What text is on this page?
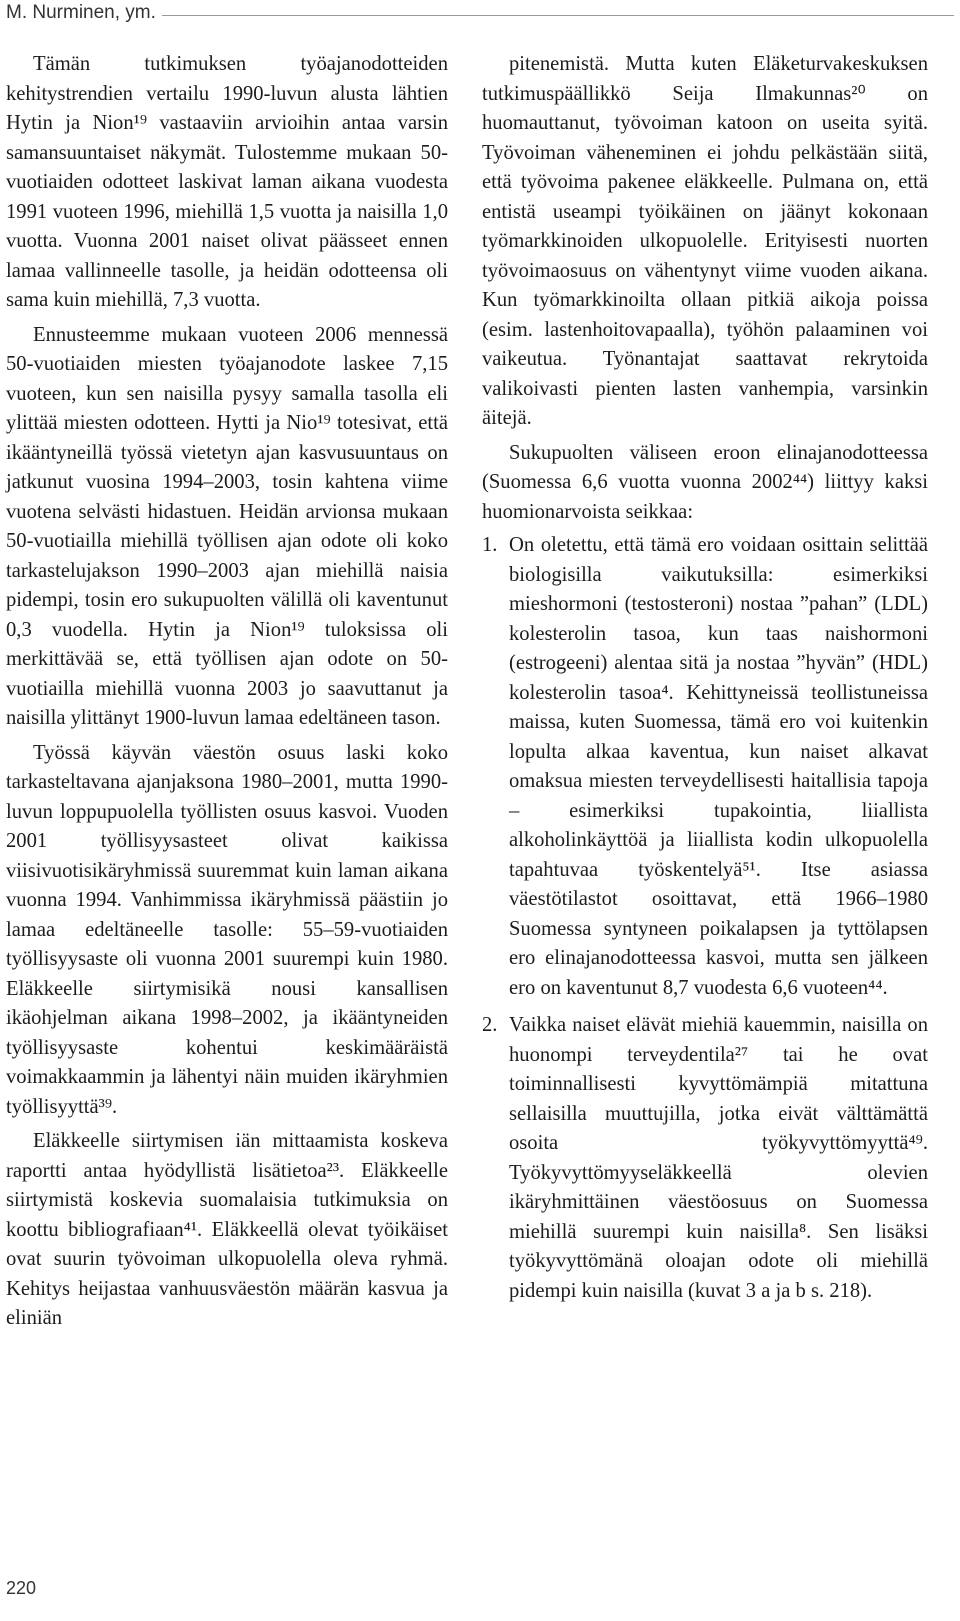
M. Nurminen, ym.

Tämän tutkimuksen työajanodotteiden kehitystrendien vertailu 1990-luvun alusta lähtien Hytin ja Nion¹⁹ vastaaviin arvioihin antaa varsin samansuuntaiset näkymät. Tulostemme mukaan 50-vuotiaiden odotteet laskivat laman aikana vuodesta 1991 vuoteen 1996, miehillä 1,5 vuotta ja naisilla 1,0 vuotta. Vuonna 2001 naiset olivat päässeet ennen lamaa vallinneelle tasolle, ja heidän odotteensa oli sama kuin miehillä, 7,3 vuotta.

Ennusteemme mukaan vuoteen 2006 mennessä 50-vuotiaiden miesten työajanodote laskee 7,15 vuoteen, kun sen naisilla pysyy samalla tasolla eli ylittää miesten odotteen. Hytti ja Nio¹⁹ totesivat, että ikääntyneillä työssä vietetyn ajan kasvusuuntaus on jatkunut vuosina 1994–2003, tosin kahtena viime vuotena selvästi hidastuen. Heidän arvionsa mukaan 50-vuotiailla miehillä työllisen ajan odote oli koko tarkastelujakson 1990–2003 ajan miehillä naisia pidempi, tosin ero sukupuolten välillä oli kaventunut 0,3 vuodella. Hytin ja Nion¹⁹ tuloksissa oli merkittävää se, että työllisen ajan odote on 50-vuotiailla miehillä vuonna 2003 jo saavuttanut ja naisilla ylittänyt 1900-luvun lamaa edeltäneen tason.

Työssä käyvän väestön osuus laski koko tarkasteltavana ajanjaksona 1980–2001, mutta 1990-luvun loppupuolella työllisten osuus kasvoi. Vuoden 2001 työllisyysasteet olivat kaikissa viisivuotisikäryhmissä suuremmat kuin laman aikana vuonna 1994. Vanhimmissa ikäryhmissä päästiin jo lamaa edeltäneelle tasolle: 55–59-vuotiaiden työllisyysaste oli vuonna 2001 suurempi kuin 1980. Eläkkeelle siirtymisikä nousi kansallisen ikäohjelman aikana 1998–2002, ja ikääntyneiden työllisyysaste kohentui keskimääräistä voimakkaammin ja lähentyi näin muiden ikäryhmien työllisyyttä³⁹.

Eläkkeelle siirtymisen iän mittaamista koskeva raportti antaa hyödyllistä lisätietoa²³. Eläkkeelle siirtymistä koskevia suomalaisia tutkimuksia on koottu bibliografiaan⁴¹. Eläkkeellä olevat työikäiset ovat suurin työvoiman ulkopuolella oleva ryhmä. Kehitys heijastaa vanhuusväestön määrän kasvua ja eliniän

pitenemistä. Mutta kuten Eläketurvakeskuksen tutkimuspäällikkö Seija Ilmakunnas²⁰ on huomauttanut, työvoiman katoon on useita syitä. Työvoiman väheneminen ei johdu pelkästään siitä, että työvoima pakenee eläkkeelle. Pulmana on, että entistä useampi työikäinen on jäänyt kokonaan työmarkkinoiden ulkopuolelle. Erityisesti nuorten työvoimaosuus on vähentynyt viime vuoden aikana. Kun työmarkkinoilta ollaan pitkiä aikoja poissa (esim. lastenhoitovapaalla), työhön palaaminen voi vaikeutua. Työnantajat saattavat rekrytoida valikoivasti pienten lasten vanhempia, varsinkin äitejä.

Sukupuolten väliseen eroon elinajanodotteessa (Suomessa 6,6 vuotta vuonna 2002⁴⁴) liittyy kaksi huomionarvoista seikkaa:

1. On oletettu, että tämä ero voidaan osittain selittää biologisilla vaikutuksilla: esimerkiksi mieshormoni (testosteroni) nostaa ”pahan” (LDL) kolesterolin tasoa, kun taas naishormoni (estrogeeni) alentaa sitä ja nostaa ”hyvän” (HDL) kolesterolin tasoa⁴. Kehittyneissä teollistuneissa maissa, kuten Suomessa, tämä ero voi kuitenkin lopulta alkaa kaventua, kun naiset alkavat omaksua miesten terveydellisesti haitallisia tapoja – esimerkiksi tupakointia, liiallista alkoholinkäyttöä ja liiallista kodin ulkopuolella tapahtuvaa työskentelyä⁵¹. Itse asiassa väestötilastot osoittavat, että 1966–1980 Suomessa syntyneen poikalapsen ja tyttölapsen ero elinajanodotteessa kasvoi, mutta sen jälkeen ero on kaventunut 8,7 vuodesta 6,6 vuoteen⁴⁴.
2. Vaikka naiset elävät miehiä kauemmin, naisilla on huonompi terveydentila²⁷ tai he ovat toiminnallisesti kyvyttömämpiä mitattuna sellaisilla muuttujilla, jotka eivät välttämättä osoita työkyvyttömyyttä⁴⁹. Työkyvyttömyyseläkkeellä olevien ikäryhmittäinen väestöosuus on Suomessa miehillä suurempi kuin naisilla⁸. Sen lisäksi työkyvyttömänä oloajan odote oli miehillä pidempi kuin naisilla (kuvat 3 a ja b s. 218).
220
